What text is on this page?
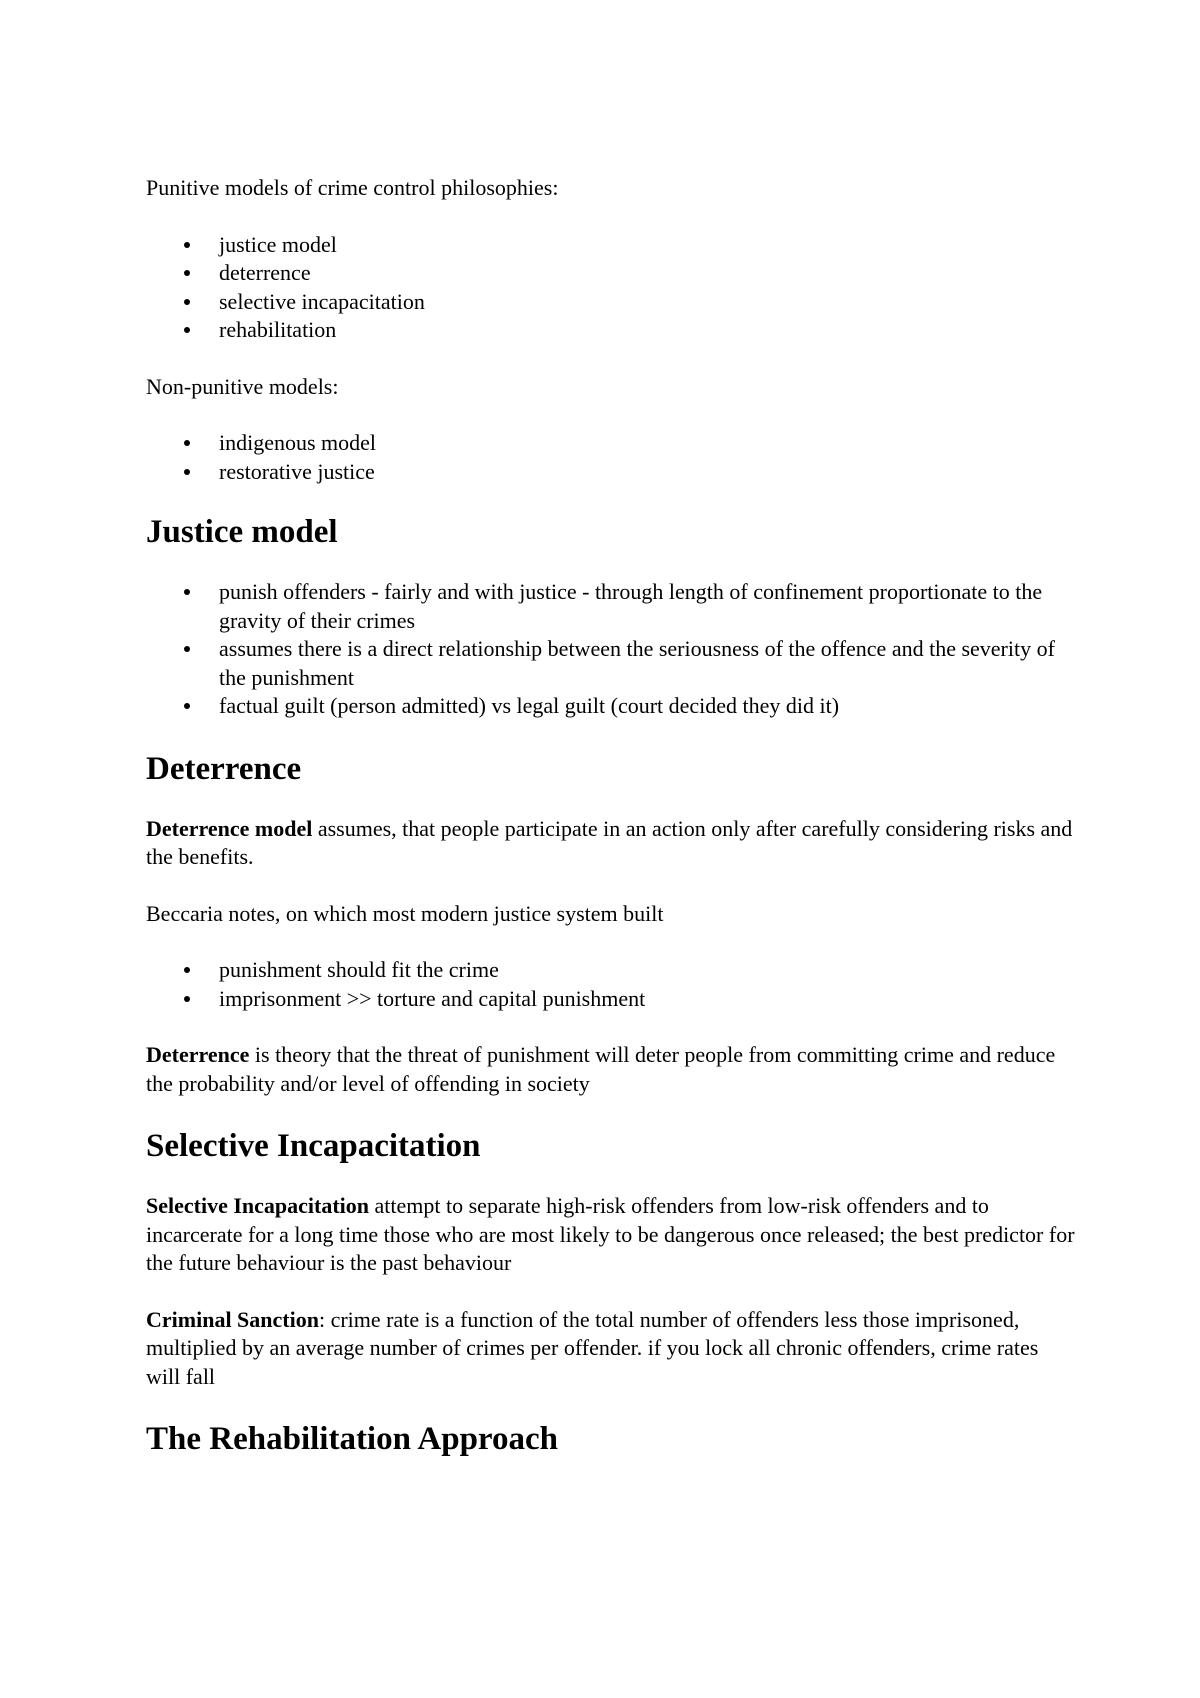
Punitive models of crime control philosophies:

justice model
deterrence
selective incapacitation
rehabilitation

Non-punitive models:

indigenous model
restorative justice
Justice model
punish offenders - fairly and with justice - through length of confinement proportionate to the gravity of their crimes
assumes there is a direct relationship between the seriousness of the offence and the severity of the punishment
factual guilt (person admitted) vs legal guilt (court decided they did it)
Deterrence

Deterrence model assumes, that people participate in an action only after carefully considering risks and the benefits.

Beccaria notes, on which most modern justice system built

punishment should fit the crime
imprisonment >> torture and capital punishment

Deterrence is theory that the threat of punishment will deter people from committing crime and reduce the probability and/or level of offending in society

Selective Incapacitation

Selective Incapacitation attempt to separate high-risk offenders from low-risk offenders and to incarcerate for a long time those who are most likely to be dangerous once released; the best predictor for the future behaviour is the past behaviour

Criminal Sanction: crime rate is a function of the total number of offenders less those imprisoned, multiplied by an average number of crimes per offender. if you lock all chronic offenders, crime rates will fall

The Rehabilitation Approach
